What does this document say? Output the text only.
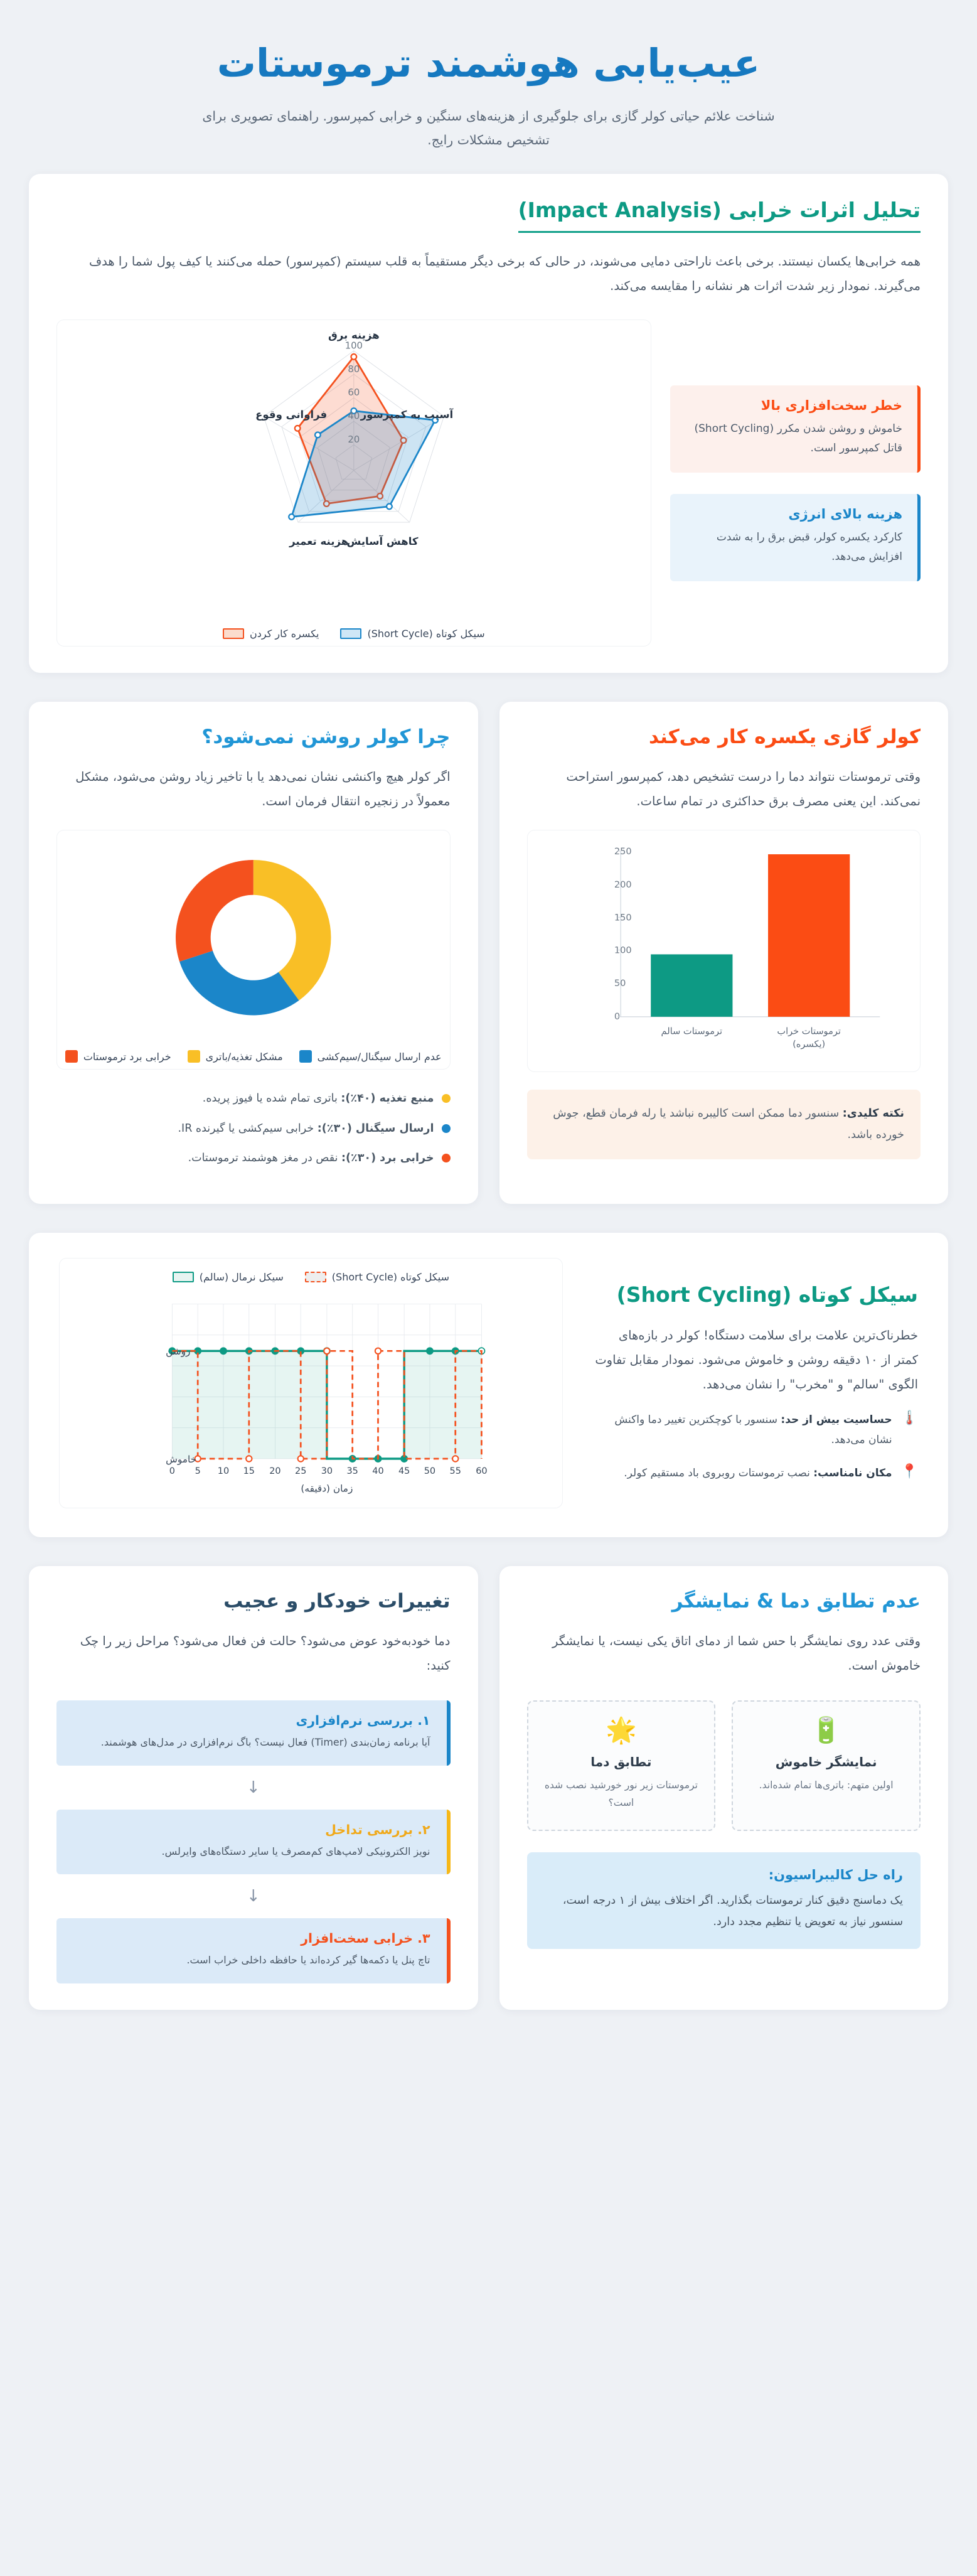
عیب‌یابی هوشمند ترموستات

شناخت علائم حیاتی کولر گازی برای جلوگیری از هزینه‌های سنگین و خرابی کمپرسور. راهنمای تصویری برای تشخیص مشکلات رایج.

تحلیل اثرات خرابی (Impact Analysis)

همه خرابی‌ها یکسان نیستند. برخی باعث ناراحتی دمایی می‌شوند، در حالی که برخی دیگر مستقیماً به قلب سیستم (کمپرسور) حمله می‌کنند یا کیف پول شما را هدف می‌گیرند. نمودار زیر شدت اثرات هر نشانه را مقایسه می‌کند.

خطر سخت‌افزاری بالا
خاموش و روشن شدن مکرر (Short Cycling) قاتل کمپرسور است.
هزینه بالای انرژی
کارکرد یکسره کولر، قبض برق را به شدت افزایش می‌دهد.
100
80
60
40
20
هزینه برق
آسیب به کمپرسور
کاهش آسایش
هزینه تعمیر
فراوانی وقوع
سیکل کوتاه (Short Cycle)
یکسره کار کردن
کولر گازی یکسره کار می‌کند

وقتی ترموستات نتواند دما را درست تشخیص دهد، کمپرسور استراحت نمی‌کند. این یعنی مصرف برق حداکثری در تمام ساعات.

250
200
150
100
50
0
ترموستات سالم	ترموستات خراب
(یکسره)
نکته کلیدی: سنسور دما ممکن است کالیبره نباشد یا رله فرمان قطع، جوش خورده باشد.
چرا کولر روشن نمی‌شود؟

اگر کولر هیچ واکنشی نشان نمی‌دهد یا با تاخیر زیاد روشن می‌شود، مشکل معمولاً در زنجیره انتقال فرمان است.

عدم ارسال سیگنال/سیم‌کشی
مشکل تغذیه/باتری
خرابی برد ترموستات
منبع تغذیه (۴۰٪): باتری تمام شده یا فیوز پریده.
ارسال سیگنال (۳۰٪): خرابی سیم‌کشی یا گیرنده IR.
خرابی برد (۳۰٪): نقص در مغز هوشمند ترموستات.
سیکل کوتاه (Short Cycling)

خطرناک‌ترین علامت برای سلامت دستگاه! کولر در بازه‌های کمتر از ۱۰ دقیقه روشن و خاموش می‌شود. نمودار مقابل تفاوت الگوی "سالم" و "مخرب" را نشان می‌دهد.

🌡️
حساسیت بیش از حد: سنسور با کوچکترین تغییر دما واکنش نشان می‌دهد.
📍
مکان نامناسب: نصب ترموستات روبروی باد مستقیم کولر.
سیکل کوتاه (Short Cycle)
سیکل نرمال (سالم)
روشن
خاموش
0 5 10 15 20 25 30 35 40 45 50 55 60
زمان (دقیقه)
عدم تطابق دما & نمایشگر

وقتی عدد روی نمایشگر با حس شما از دمای اتاق یکی نیست، یا نمایشگر خاموش است.

🔋
نمایشگر خاموش
اولین متهم: باتری‌ها تمام شده‌اند.
🌟
تطابق دما
ترموستات زیر نور خورشید نصب شده است؟
راه حل کالیبراسیون:
یک دماسنج دقیق کنار ترموستات بگذارید. اگر اختلاف بیش از ۱ درجه است، سنسور نیاز به تعویض یا تنظیم مجدد دارد.
تغییرات خودکار و عجیب

دما خودبه‌خود عوض می‌شود؟ حالت فن فعال می‌شود؟ مراحل زیر را چک کنید:

۱. بررسی نرم‌افزاری
آیا برنامه زمان‌بندی (Timer) فعال نیست؟ باگ نرم‌افزاری در مدل‌های هوشمند.
↓
۲. بررسی تداخل
نویز الکترونیکی لامپ‌های کم‌مصرف یا سایر دستگاه‌های وایرلس.
↓
۳. خرابی سخت‌افزار
تاچ پنل یا دکمه‌ها گیر کرده‌اند یا حافظه داخلی خراب است.
